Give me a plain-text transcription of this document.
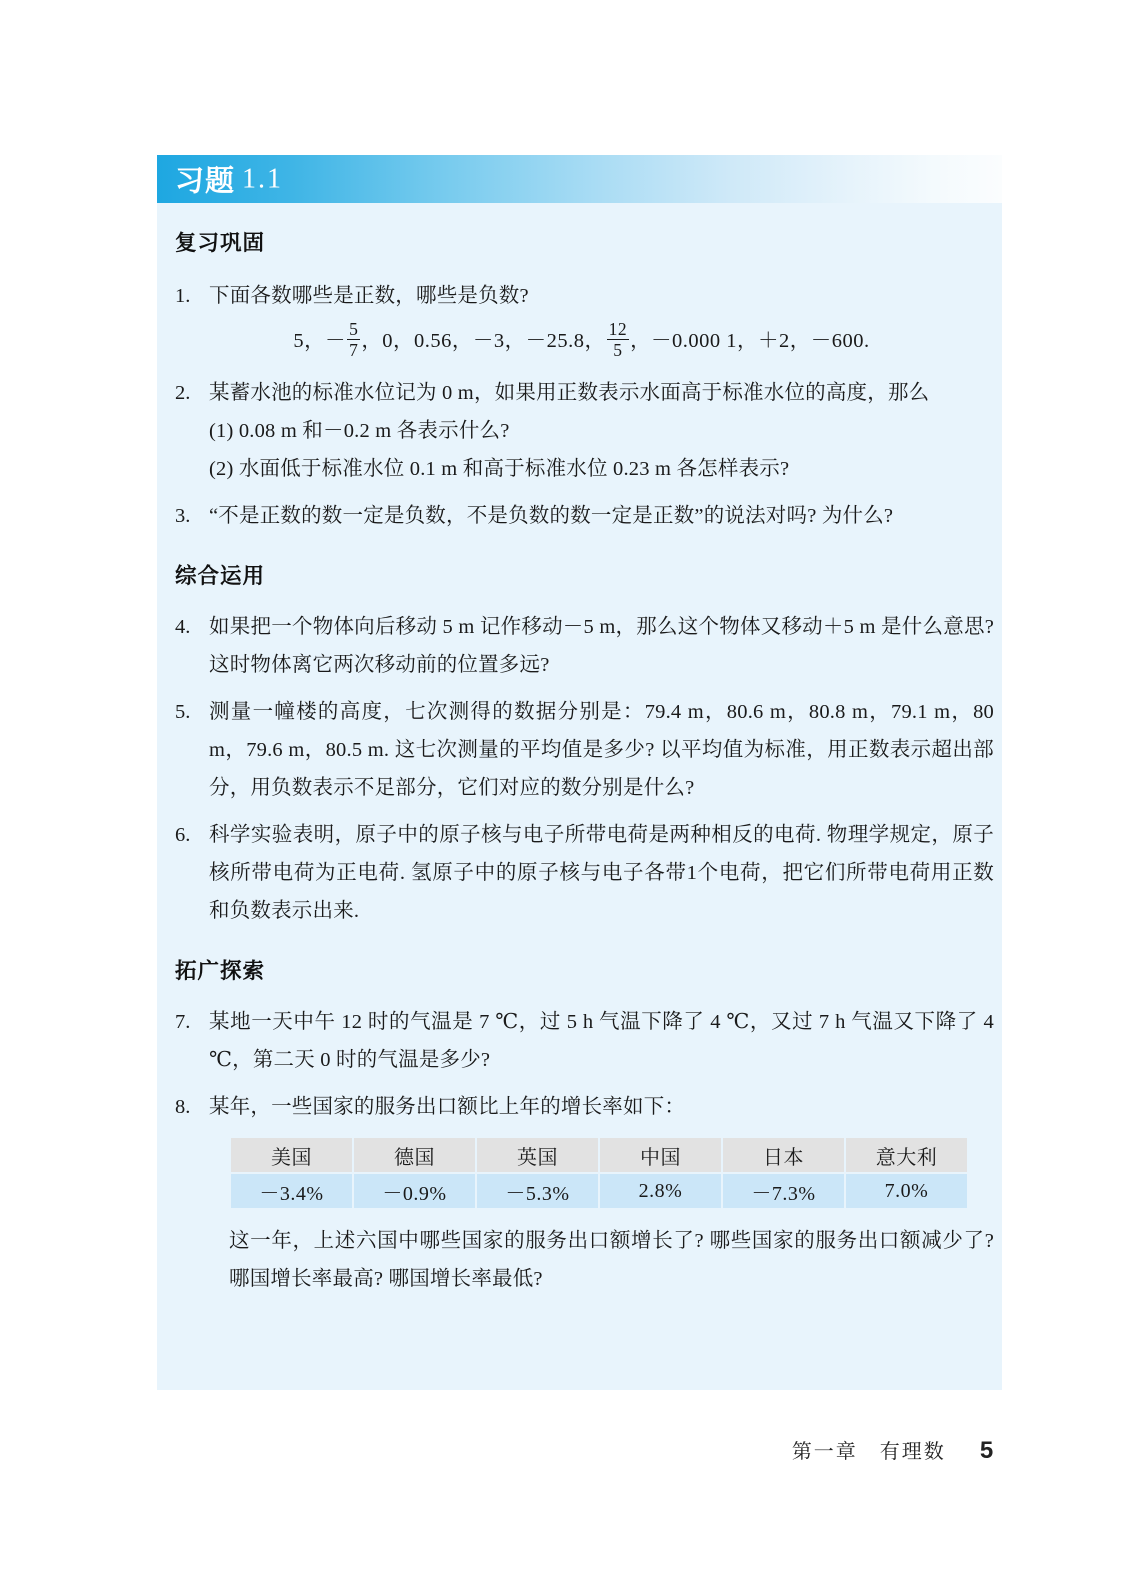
习题 1.1
复习巩固
1. 下面各数哪些是正数，哪些是负数?

5，－ $\frac{5}{7}$ ，0，0.56，－3，－25.8， $\frac{12}{5}$ ，－0.000 1，＋2，－600.
2. 某蓄水池的标准水位记为 0 m，如果用正数表示水面高于标准水位的高度，那么

(1) 0.08 m 和－0.2 m 各表示什么?

(2) 水面低于标准水位 0.1 m 和高于标准水位 0.23 m 各怎样表示?

3. “不是正数的数一定是负数，不是负数的数一定是正数”的说法对吗? 为什么?

综合运用
4. 如果把一个物体向后移动 5 m 记作移动－5 m，那么这个物体又移动＋5 m 是什么意思? 这时物体离它两次移动前的位置多远?

5. 测量一幢楼的高度，七次测得的数据分别是：79.4 m，80.6 m，80.8 m，79.1 m，80 m，79.6 m，80.5 m. 这七次测量的平均值是多少? 以平均值为标准，用正数表示超出部分，用负数表示不足部分，它们对应的数分别是什么?

6. 科学实验表明，原子中的原子核与电子所带电荷是两种相反的电荷. 物理学规定，原子核所带电荷为正电荷. 氢原子中的原子核与电子各带1个电荷，把它们所带电荷用正数和负数表示出来.

拓广探索
7. 某地一天中午 12 时的气温是 7 ℃，过 5 h 气温下降了 4 ℃，又过 7 h 气温又下降了 4 ℃，第二天 0 时的气温是多少?

8. 某年，一些国家的服务出口额比上年的增长率如下：

美国	德国	英国	中国	日本	意大利
－3.4%	－0.9%	－5.3%	2.8%	－7.3%	7.0%

这一年，上述六国中哪些国家的服务出口额增长了? 哪些国家的服务出口额减少了? 哪国增长率最高? 哪国增长率最低?

第一章　有理数 5
